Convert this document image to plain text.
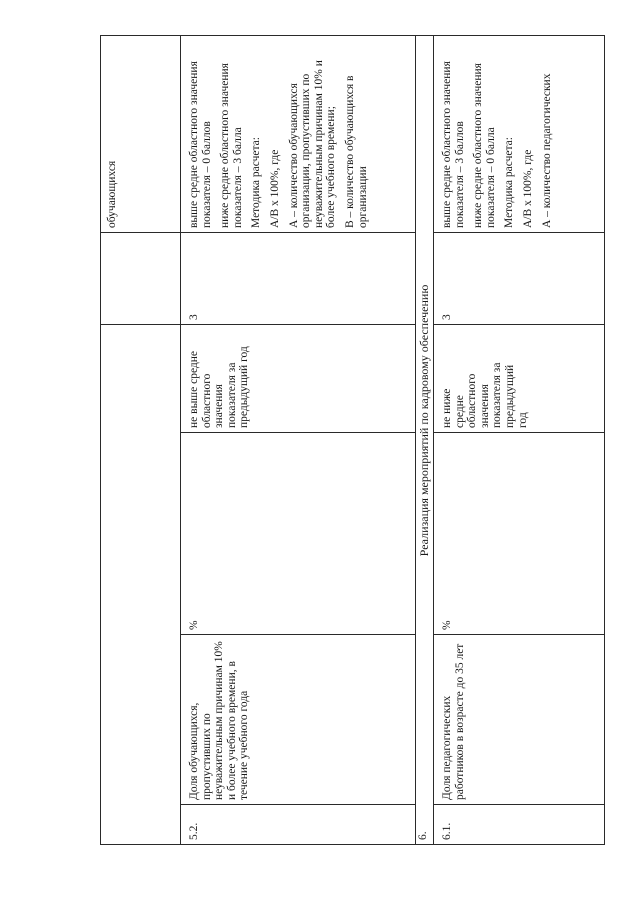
обучающихся
5.2.
Доля обучающихся, пропустивших по неуважительным причинам 10% и более учебного времени, в течение учебного года
%
не выше средне областного значения показателя за предыдущий год
3

выше средне областного значения показателя – 0 баллов ниже средне областного значения показателя – 3 балла Методика расчета: А/В х 100%, где А – количество обучающихся организации, пропустивших по неуважительным причинам 10% и более учебного времени; В – количество обучающихся в организации

6.
Реализация мероприятий по кадровому обеспечению
6.1.
Доля педагогических работников в возрасте до 35 лет
%
не ниже средне областного значения показателя за предыдущий год
3

выше средне областного значения показателя – 3 баллов ниже средне областного значения показателя – 0 балла Методика расчета: А/В х 100%, где А – количество педагогических
